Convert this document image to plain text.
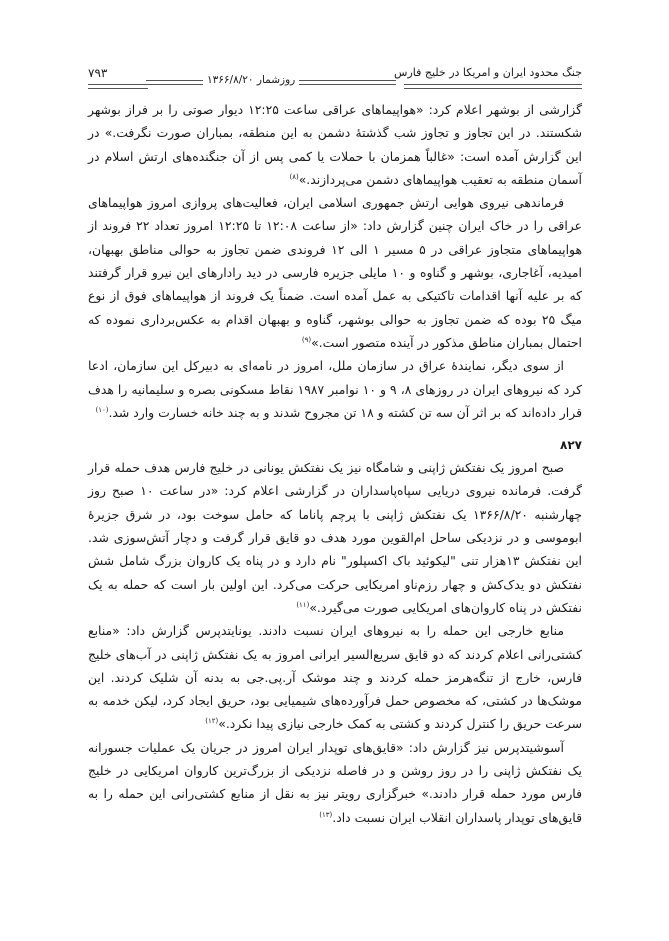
جنگ محدود ایران و امریکا در خلیج فارس
۷۹۳	روزشمار ۱۳۶۶/۸/۲۰

گزارشی از بوشهر اعلام کرد: «هواپیماهای عراقی ساعت ۱۲:۲۵ دیوار صوتی را بر فراز بوشهر شکستند. در این تجاوز و تجاوز شب گذشتهٔ دشمن به این منطقه، بمباران صورت نگرفت.» در این گزارش آمده است: «غالباً همزمان با حملات یا کمی پس از آن جنگنده‌های ارتش اسلام در آسمان منطقه به تعقیب هواپیماهای دشمن می‌پردازند.»$^{(۸)}$

فرماندهی نیروی هوایی ارتش جمهوری اسلامی ایران، فعالیت‌های پروازی امروز هواپیماهای عراقی را در خاک ایران چنین گزارش داد: «از ساعت ۱۲:۰۸ تا ۱۲:۲۵ امروز تعداد ۲۲ فروند از هواپیماهای متجاوز عراقی در ۵ مسیر ۱ الی ۱۲ فروندی ضمن تجاوز به حوالی مناطق بهبهان، امیدیه، آغاجاری، بوشهر و گناوه و ۱۰ مایلی جزیره فارسی در دید رادارهای این نیرو قرار گرفتند که بر علیه آنها اقدامات تاکتیکی به عمل آمده است. ضمناً یک فروند از هواپیماهای فوق از نوع میگ ۲۵ بوده که ضمن تجاوز به حوالی بوشهر، گناوه و بهبهان اقدام به عکس‌برداری نموده که احتمال بمباران مناطق مذکور در آینده متصور است.»$^{(۹)}$

از سوی دیگر، نمایندهٔ عراق در سازمان ملل، امروز در نامه‌ای به دبیرکل این سازمان، ادعا کرد که نیروهای ایران در روزهای ۸، ۹ و ۱۰ نوامبر ۱۹۸۷ نقاط مسکونی بصره و سلیمانیه را هدف قرار داده‌اند که بر اثر آن سه تن کشته و ۱۸ تن مجروح شدند و به چند خانه خسارت وارد شد.$^{(۱۰)}$

۸۲۷

صبح امروز یک نفتکش ژاپنی و شامگاه نیز یک نفتکش یونانی در خلیج فارس هدف حمله قرار گرفت. فرمانده نیروی دریایی سپاه‌پاسداران در گزارشی اعلام کرد: «در ساعت ۱۰ صبح روز چهارشنبه ۱۳۶۶/۸/۲۰ یک نفتکش ژاپنی با پرچم پاناما که حامل سوخت بود، در شرق جزیرهٔ ابوموسی و در نزدیکی ساحل ام‌القوین مورد هدف دو قایق قرار گرفت و دچار آتش‌سوزی شد. این نفتکش ۱۳هزار تنی "لیکوئید باک اکسپلور" نام دارد و در پناه یک کاروان بزرگ شامل شش نفتکش دو یدک‌کش و چهار رزم‌ناو امریکایی حرکت می‌کرد. این اولین بار است که حمله به یک نفتکش در پناه کاروان‌های امریکایی صورت می‌گیرد.»$^{(۱۱)}$

منابع خارجی این حمله را به نیروهای ایران نسبت دادند. یونایتدپرس گزارش داد: «منابع کشتی‌رانی اعلام کردند که دو قایق سریع‌السیر ایرانی امروز به یک نفتکش ژاپنی در آب‌های خلیج فارس، خارج از تنگه‌هرمز حمله کردند و چند موشک آر.پی.جی به بدنه آن شلیک کردند. این موشک‌ها در کشتی، که مخصوص حمل فرآورده‌های شیمیایی بود، حریق ایجاد کرد، لیکن خدمه به سرعت حریق را کنترل کردند و کشتی به کمک خارجی نیازی پیدا نکرد.»$^{(۱۲)}$

آسوشیتدپرس نیز گزارش داد: «قایق‌های توپدار ایران امروز در جریان یک عملیات جسورانه یک نفتکش ژاپنی را در روز روشن و در فاصله نزدیکی از بزرگ‌ترین کاروان امریکایی در خلیج فارس مورد حمله قرار دادند.» خبرگزاری رویتر نیز به نقل از منابع کشتی‌رانی این حمله را به قایق‌های توپدار پاسداران انقلاب ایران نسبت داد.$^{(۱۳)}$
